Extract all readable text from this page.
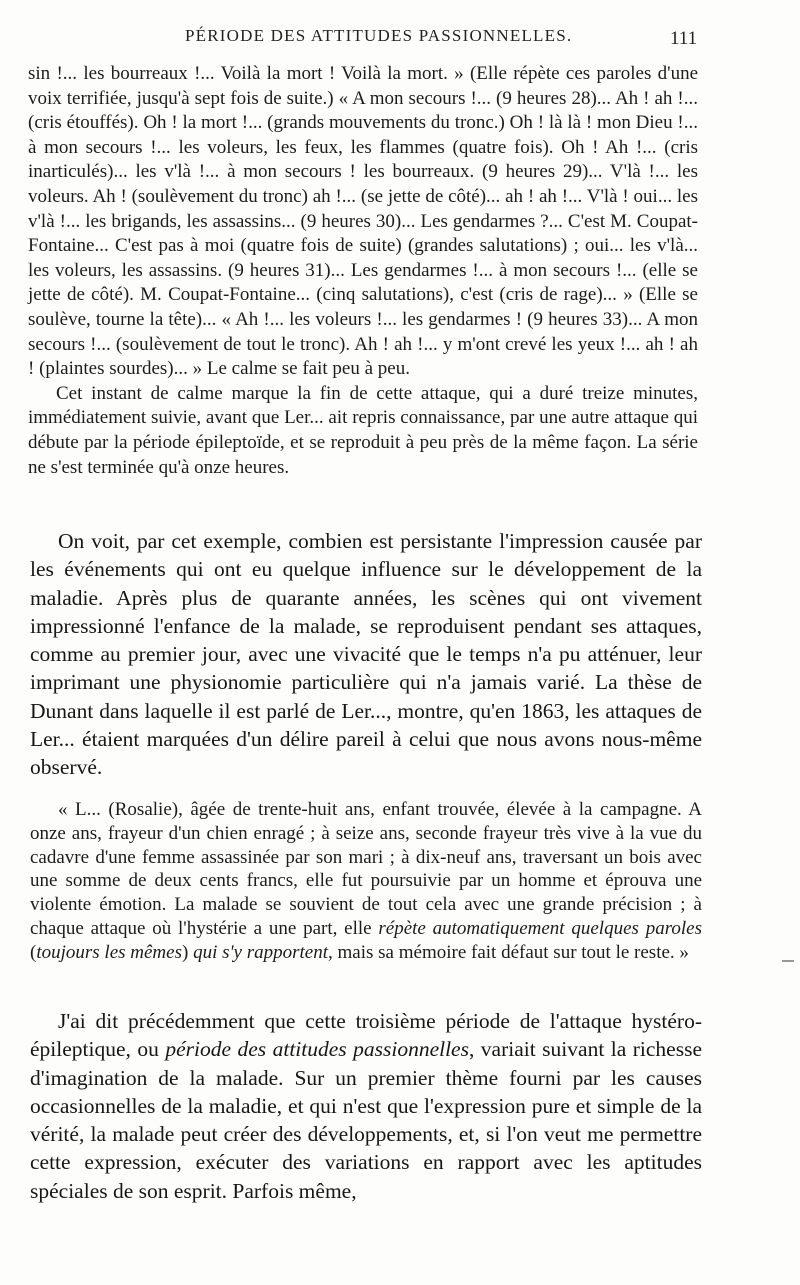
PÉRIODE DES ATTITUDES PASSIONNELLES.	111

sin !... les bourreaux !... Voilà la mort ! Voilà la mort. » (Elle répète ces paroles d'une voix terrifiée, jusqu'à sept fois de suite.) « A mon secours !... (9 heures 28)... Ah ! ah !... (cris étouffés). Oh ! la mort !... (grands mouvements du tronc.) Oh ! là là ! mon Dieu !... à mon secours !... les voleurs, les feux, les flammes (quatre fois). Oh ! Ah !... (cris inarticulés)... les v'là !... à mon secours ! les bourreaux. (9 heures 29)... V'là !... les voleurs. Ah ! (soulèvement du tronc) ah !... (se jette de côté)... ah ! ah !... V'là ! oui... les v'là !... les brigands, les assassins... (9 heures 30)... Les gendarmes ?... C'est M. Coupat-Fontaine... C'est pas à moi (quatre fois de suite) (grandes salutations) ; oui... les v'là... les voleurs, les assassins. (9 heures 31)... Les gendarmes !... à mon secours !... (elle se jette de côté). M. Coupat-Fontaine... (cinq salutations), c'est (cris de rage)... » (Elle se soulève, tourne la tête)... « Ah !... les voleurs !... les gendarmes ! (9 heures 33)... A mon secours !... (soulèvement de tout le tronc). Ah ! ah !... y m'ont crevé les yeux !... ah ! ah ! (plaintes sourdes)... » Le calme se fait peu à peu.

Cet instant de calme marque la fin de cette attaque, qui a duré treize minutes, immédiatement suivie, avant que Ler... ait repris connaissance, par une autre attaque qui débute par la période épileptoïde, et se reproduit à peu près de la même façon. La série ne s'est terminée qu'à onze heures.

On voit, par cet exemple, combien est persistante l'impression causée par les événements qui ont eu quelque influence sur le développement de la maladie. Après plus de quarante années, les scènes qui ont vivement impressionné l'enfance de la malade, se reproduisent pendant ses attaques, comme au premier jour, avec une vivacité que le temps n'a pu atténuer, leur imprimant une physionomie particulière qui n'a jamais varié. La thèse de Dunant dans laquelle il est parlé de Ler..., montre, qu'en 1863, les attaques de Ler... étaient marquées d'un délire pareil à celui que nous avons nous-même observé.

« L... (Rosalie), âgée de trente-huit ans, enfant trouvée, élevée à la campagne. A onze ans, frayeur d'un chien enragé ; à seize ans, seconde frayeur très vive à la vue du cadavre d'une femme assassinée par son mari ; à dix-neuf ans, traversant un bois avec une somme de deux cents francs, elle fut poursuivie par un homme et éprouva une violente émotion. La malade se souvient de tout cela avec une grande précision ; à chaque attaque où l'hystérie a une part, elle répète automatiquement quelques paroles (toujours les mêmes) qui s'y rapportent, mais sa mémoire fait défaut sur tout le reste. »

J'ai dit précédemment que cette troisième période de l'attaque hystéro-épileptique, ou période des attitudes passionnelles, variait suivant la richesse d'imagination de la malade. Sur un premier thème fourni par les causes occasionnelles de la maladie, et qui n'est que l'expression pure et simple de la vérité, la malade peut créer des développements, et, si l'on veut me permettre cette expression, exécuter des variations en rapport avec les aptitudes spéciales de son esprit. Parfois même,
